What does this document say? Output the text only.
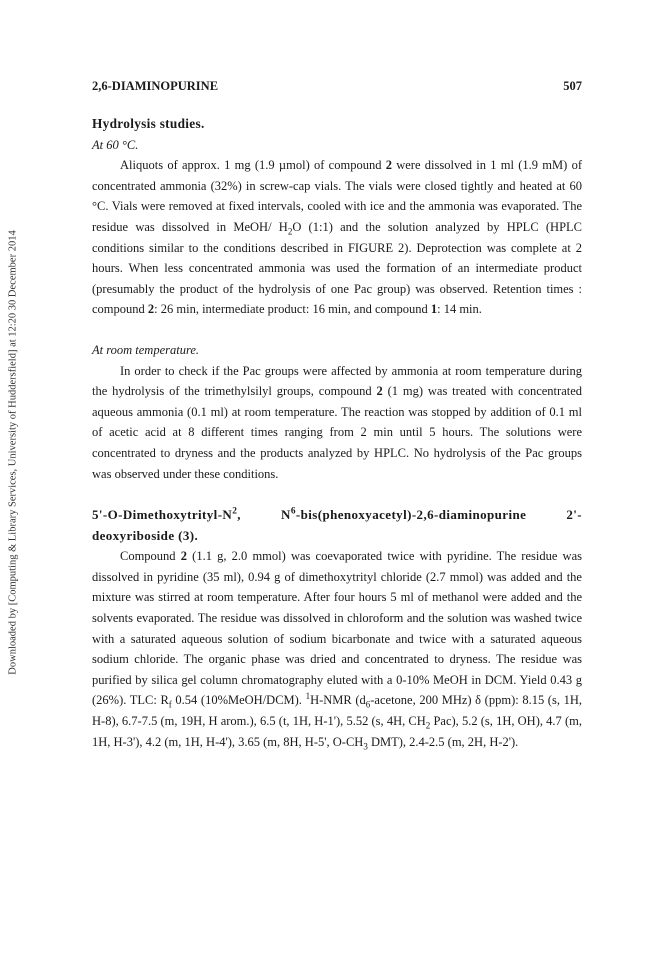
Downloaded by [Computing & Library Services, University of Huddersfield] at 12:20 30 December 2014
2,6-DIAMINOPURINE	507

Hydrolysis studies.

At 60 °C.

Aliquots of approx. 1 mg (1.9 µmol) of compound 2 were dissolved in 1 ml (1.9 mM) of concentrated ammonia (32%) in screw-cap vials. The vials were closed tightly and heated at 60 °C. Vials were removed at fixed intervals, cooled with ice and the ammonia was evaporated. The residue was dissolved in MeOH/ $H_2O$ (1:1) and the solution analyzed by HPLC (HPLC conditions similar to the conditions described in FIGURE 2). Deprotection was complete at 2 hours. When less concentrated ammonia was used the formation of an intermediate product (presumably the product of the hydrolysis of one Pac group) was observed. Retention times : compound 2: 26 min, intermediate product: 16 min, and compound 1: 14 min.

At room temperature.

In order to check if the Pac groups were affected by ammonia at room temperature during the hydrolysis of the trimethylsilyl groups, compound 2 (1 mg) was treated with concentrated aqueous ammonia (0.1 ml) at room temperature. The reaction was stopped by addition of 0.1 ml of acetic acid at 8 different times ranging from 2 min until 5 hours. The solutions were concentrated to dryness and the products analyzed by HPLC. No hydrolysis of the Pac groups was observed under these conditions.

$5'-O-Dimethoxytrityl-N^2$, $N^6-bis(phenoxyacetyl)-2,6$-diaminopurine 2'-deoxyriboside (3).

Compound 2 (1.1 g, 2.0 mmol) was coevaporated twice with pyridine. The residue was dissolved in pyridine (35 ml), 0.94 g of dimethoxytrityl chloride (2.7 mmol) was added and the mixture was stirred at room temperature. After four hours 5 ml of methanol were added and the solvents evaporated. The residue was dissolved in chloroform and the solution was washed twice with a saturated aqueous solution of sodium bicarbonate and twice with a saturated aqueous sodium chloride. The organic phase was dried and concentrated to dryness. The residue was purified by silica gel column chromatography eluted with a 0-10% MeOH in DCM. Yield 0.43 g (26%). TLC: $R_f$ 0.54 (10%MeOH/DCM). $^1$H-NMR ($d_6$-acetone, 200 MHz) δ (ppm): 8.15 (s, 1H, H-8), 6.7-7.5 (m, 19H, H arom.), 6.5 (t, 1H, H-1'), 5.52 (s, 4H, $CH_2$ Pac), 5.2 (s, 1H, OH), 4.7 (m, 1H, H-3'), 4.2 (m, 1H, H-4'), 3.65 (m, 8H, H-5', $O-CH_3$ DMT), 2.4-2.5 (m, 2H, H-2').
